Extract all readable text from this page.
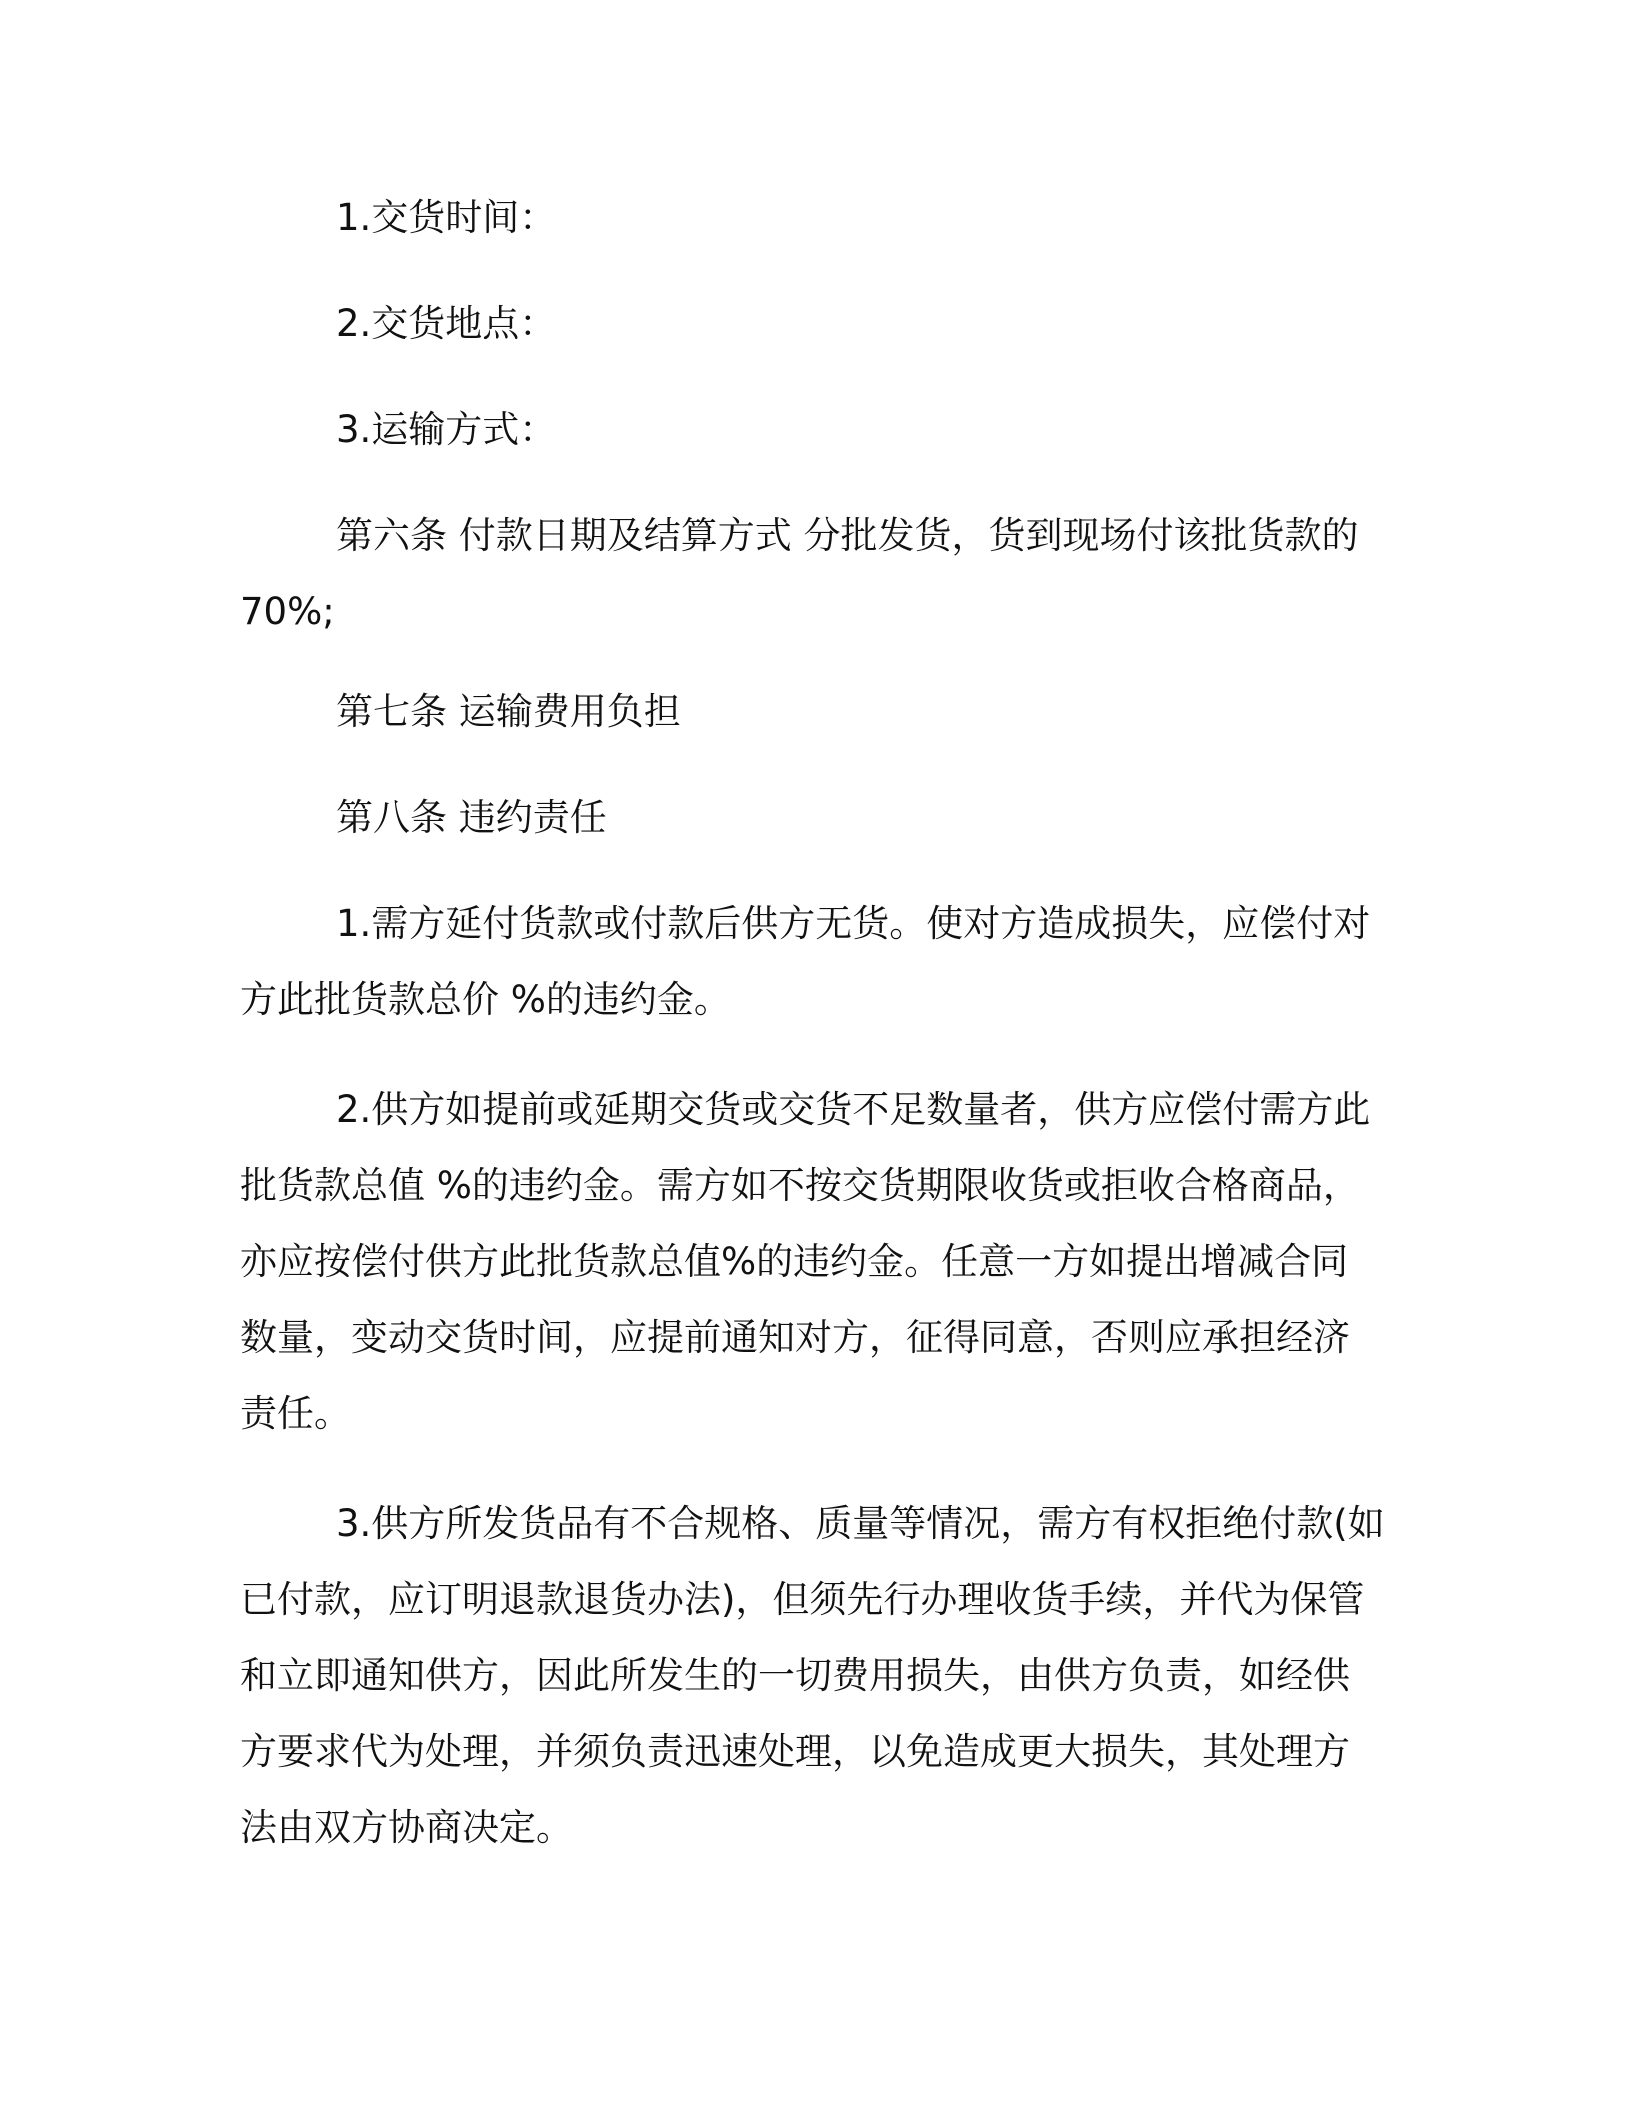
1.交货时间：
2.交货地点：
3.运输方式：
第六条 付款日期及结算方式 分批发货，货到现场付该批货款的
70%;
第七条 运输费用负担
第八条 违约责任
1.需方延付货款或付款后供方无货。使对方造成损失，应偿付对
方此批货款总价 %的违约金。
2.供方如提前或延期交货或交货不足数量者，供方应偿付需方此
批货款总值 %的违约金。需方如不按交货期限收货或拒收合格商品，
亦应按偿付供方此批货款总值%的违约金。任意一方如提出增减合同
数量，变动交货时间，应提前通知对方，征得同意，否则应承担经济
责任。
3.供方所发货品有不合规格、质量等情况，需方有权拒绝付款(如
已付款，应订明退款退货办法)，但须先行办理收货手续，并代为保管
和立即通知供方，因此所发生的一切费用损失，由供方负责，如经供
方要求代为处理，并须负责迅速处理，以免造成更大损失，其处理方
法由双方协商决定。
